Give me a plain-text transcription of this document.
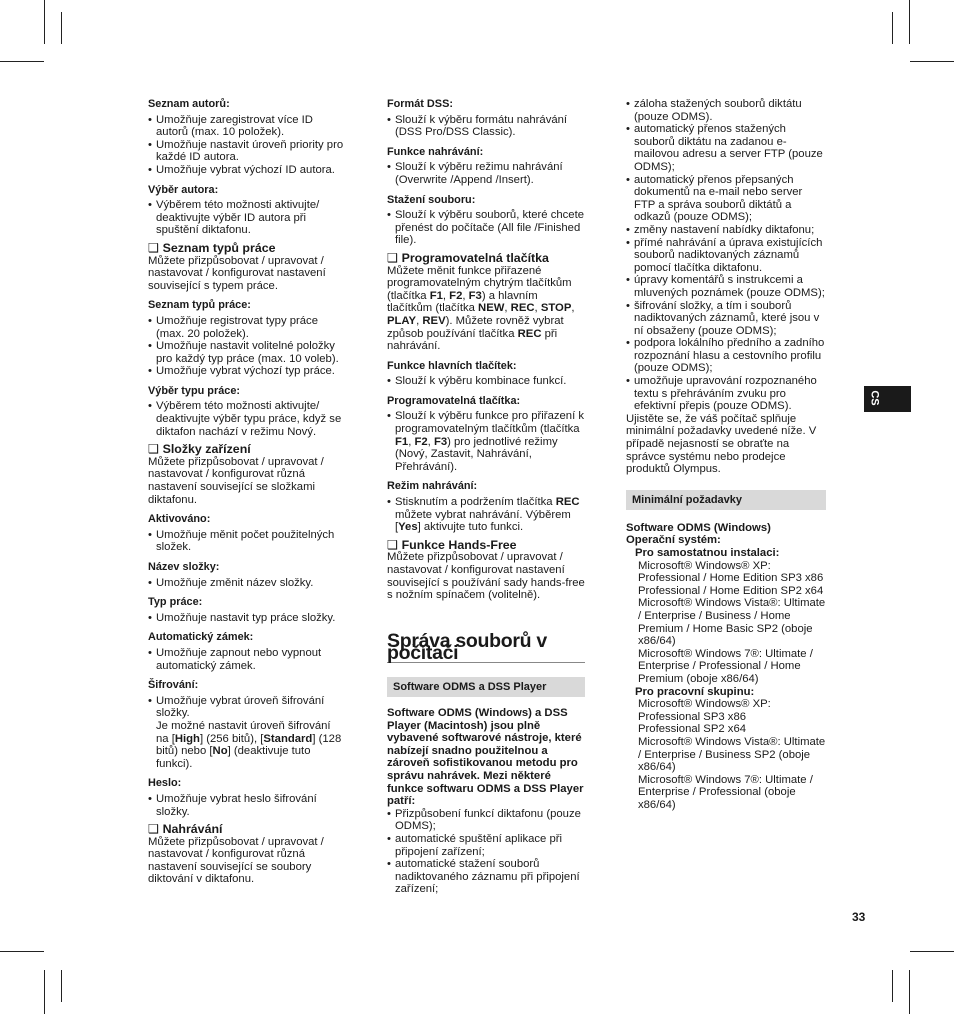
Seznam autorů:
• Umožňuje zaregistrovat více ID autorů (max. 10 položek).
• Umožňuje nastavit úroveň priority pro každé ID autora.
• Umožňuje vybrat výchozí ID autora.
Výběr autora:
• Výběrem této možnosti aktivujte/ deaktivujte výběr ID autora při spuštění diktafonu.
❑ Seznam typů práce

Můžete přizpůsobovat / upravovat / nastavovat / konfigurovat nastavení související s typem práce.

Seznam typů práce:
• Umožňuje registrovat typy práce (max. 20 položek).
• Umožňuje nastavit volitelné položky pro každý typ práce (max. 10 voleb).
• Umožňuje vybrat výchozí typ práce.
Výběr typu práce:
• Výběrem této možnosti aktivujte/ deaktivujte výběr typu práce, když se diktafon nachází v režimu Nový.
❑ Složky zařízení

Můžete přizpůsobovat / upravovat / nastavovat / konfigurovat různá nastavení související se složkami diktafonu.

Aktivováno:
• Umožňuje měnit počet použitelných složek.
Název složky:
• Umožňuje změnit název složky.
Typ práce:
• Umožňuje nastavit typ práce složky.
Automatický zámek:
• Umožňuje zapnout nebo vypnout automatický zámek.
Šifrování:
• Umožňuje vybrat úroveň šifrování složky.
Je možné nastavit úroveň šifrování na [High] (256 bitů), [Standard] (128 bitů) nebo [No] (deaktivuje tuto funkci).
Heslo:
• Umožňuje vybrat heslo šifrování složky.
❑ Nahrávání

Můžete přizpůsobovat / upravovat / nastavovat / konfigurovat různá nastavení související se soubory diktování v diktafonu.

Formát DSS:
• Slouží k výběru formátu nahrávání (DSS Pro/DSS Classic).
Funkce nahrávání:
• Slouží k výběru režimu nahrávání (Overwrite /Append /Insert).
Stažení souboru:
• Slouží k výběru souborů, které chcete přenést do počítače (All file /Finished file).
❑ Programovatelná tlačítka

Můžete měnit funkce přiřazené programovatelným chytrým tlačítkům (tlačítka F1, F2, F3) a hlavním tlačítkům (tlačítka NEW, REC, STOP, PLAY, REV). Můžete rovněž vybrat způsob používání tlačítka REC při nahrávání.

Funkce hlavních tlačítek:
• Slouží k výběru kombinace funkcí.
Programovatelná tlačítka:
• Slouží k výběru funkce pro přiřazení k programovatelným tlačítkům (tlačítka F1, F2, F3) pro jednotlivé režimy (Nový, Zastavit, Nahrávání, Přehrávání).
Režim nahrávání:
• Stisknutím a podržením tlačítka REC můžete vybrat nahrávání. Výběrem [Yes] aktivujte tuto funkci.
❑ Funkce Hands-Free

Můžete přizpůsobovat / upravovat / nastavovat / konfigurovat nastavení související s používání sady hands-free s nožním spínačem (volitelně).

Správa souborů v počítači
Software ODMS a DSS Player

Software ODMS (Windows) a DSS Player (Macintosh) jsou plně vybavené softwarové nástroje, které nabízejí snadno použitelnou a zároveň sofistikovanou metodu pro správu nahrávek. Mezi některé funkce softwaru ODMS a DSS Player patří:

• Přizpůsobení funkcí diktafonu (pouze ODMS);
• automatické spuštění aplikace při připojení zařízení;
• automatické stažení souborů nadiktovaného záznamu při připojení zařízení;
• záloha stažených souborů diktátu (pouze ODMS).
• automatický přenos stažených souborů diktátu na zadanou e-mailovou adresu a server FTP (pouze ODMS);
• automatický přenos přepsaných dokumentů na e-mail nebo server FTP a správa souborů diktátů a odkazů (pouze ODMS);
• změny nastavení nabídky diktafonu;
• přímé nahrávání a úprava existujících souborů nadiktovaných záznamů pomocí tlačítka diktafonu.
• úpravy komentářů s instrukcemi a mluvených poznámek (pouze ODMS);
• šifrování složky, a tím i souborů nadiktovaných záznamů, které jsou v ní obsaženy (pouze ODMS);
• podpora lokálního předního a zadního rozpoznání hlasu a cestovního profilu (pouze ODMS);
• umožňuje upravování rozpoznaného textu s přehráváním zvuku pro efektivní přepis (pouze ODMS).

Ujistěte se, že váš počítač splňuje minimální požadavky uvedené níže. V případě nejasností se obraťte na správce systému nebo prodejce produktů Olympus.

Minimální požadavky
Software ODMS (Windows)
Operační systém:
Pro samostatnou instalaci:
Microsoft® Windows® XP: Professional / Home Edition SP3 x86
Professional / Home Edition SP2 x64
Microsoft® Windows Vista®: Ultimate / Enterprise / Business / Home Premium / Home Basic SP2 (oboje x86/64)
Microsoft® Windows 7®: Ultimate / Enterprise / Professional / Home Premium (oboje x86/64)
Pro pracovní skupinu:
Microsoft® Windows® XP: Professional SP3 x86
Professional SP2 x64
Microsoft® Windows Vista®: Ultimate / Enterprise / Business SP2 (oboje x86/64)
Microsoft® Windows 7®: Ultimate / Enterprise / Professional (oboje x86/64)
CS
33
